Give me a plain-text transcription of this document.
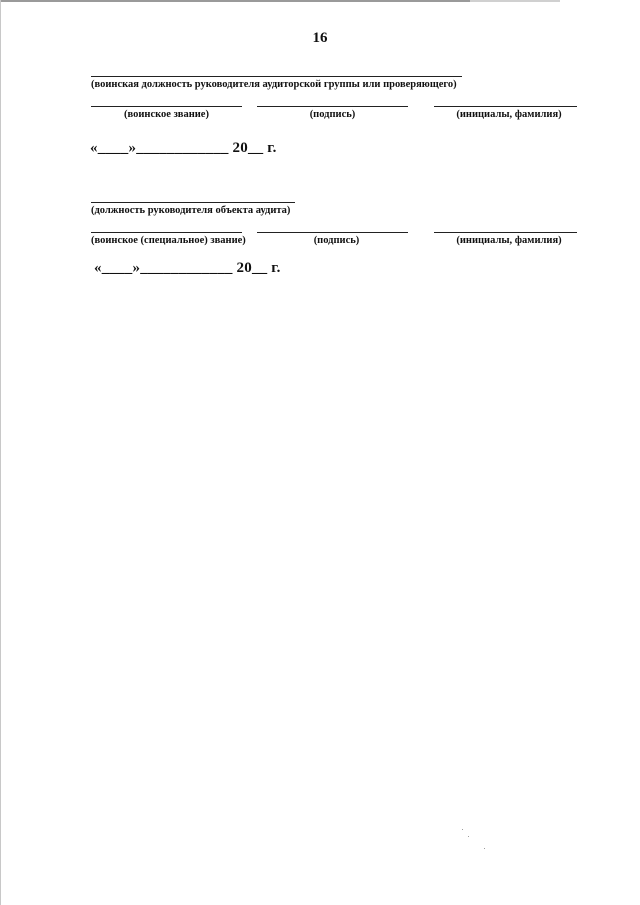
16
(воинская должность руководителя аудиторской группы или проверяющего)
(воинское звание)	(подпись)	(инициалы, фамилия)
«____»____________ 20__ г.
(должность руководителя объекта аудита)
(воинское (специальное) звание)	(подпись)	(инициалы, фамилия)
«____»____________ 20__ г.
